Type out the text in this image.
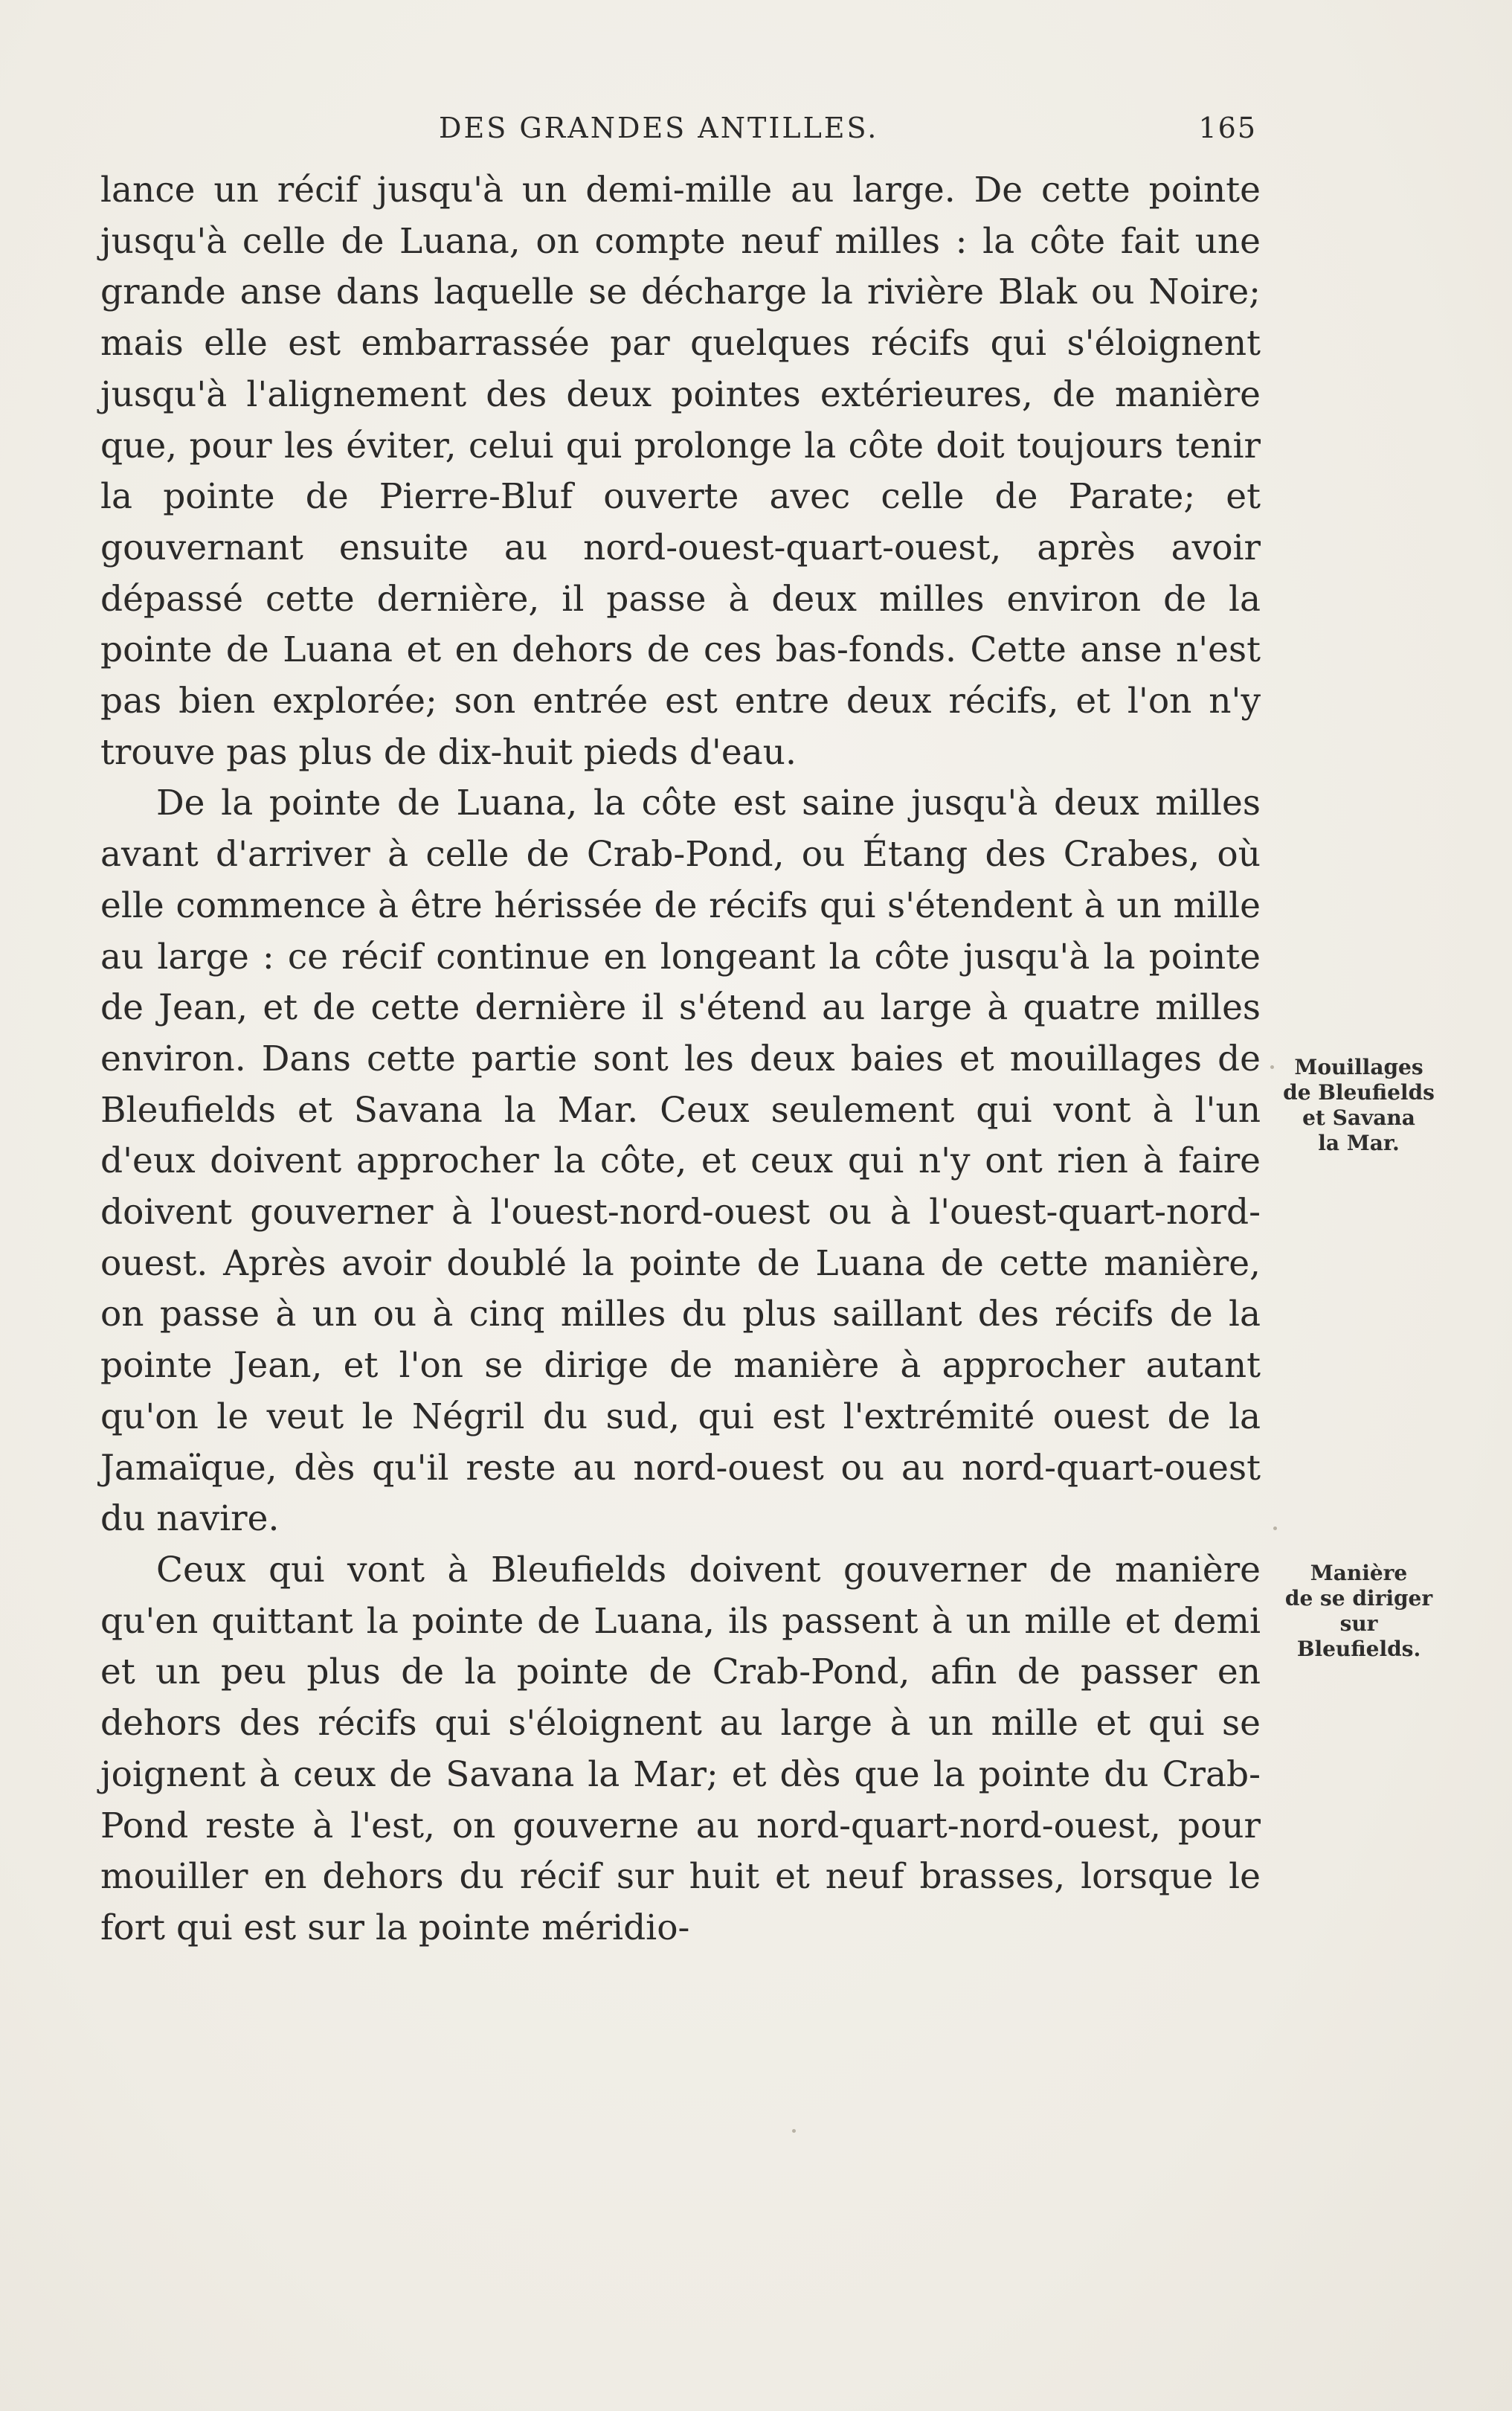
DES GRANDES ANTILLES.	165

lance un récif jusqu'à un demi-mille au large. De cette pointe jusqu'à celle de Luana, on compte neuf milles : la côte fait une grande anse dans laquelle se décharge la rivière Blak ou Noire; mais elle est embarrassée par quelques récifs qui s'éloignent jusqu'à l'alignement des deux pointes extérieures, de manière que, pour les éviter, celui qui prolonge la côte doit toujours tenir la pointe de Pierre-Bluf ouverte avec celle de Parate; et gouvernant ensuite au nord-ouest-quart-ouest, après avoir dépassé cette dernière, il passe à deux milles environ de la pointe de Luana et en dehors de ces bas-fonds. Cette anse n'est pas bien explorée; son entrée est entre deux récifs, et l'on n'y trouve pas plus de dix-huit pieds d'eau.

De la pointe de Luana, la côte est saine jusqu'à deux milles avant d'arriver à celle de Crab-Pond, ou Étang des Crabes, où elle commence à être hérissée de récifs qui s'étendent à un mille au large : ce récif continue en longeant la côte jusqu'à la pointe de Jean, et de cette dernière il s'étend au large à quatre milles environ. Dans cette partie sont les deux baies et mouillages de Bleufields et Savana la Mar. Ceux seulement qui vont à l'un d'eux doivent approcher la côte, et ceux qui n'y ont rien à faire doivent gouverner à l'ouest-nord-ouest ou à l'ouest-quart-nord-ouest. Après avoir doublé la pointe de Luana de cette manière, on passe à un ou à cinq milles du plus saillant des récifs de la pointe Jean, et l'on se dirige de manière à approcher autant qu'on le veut le Négril du sud, qui est l'extrémité ouest de la Jamaïque, dès qu'il reste au nord-ouest ou au nord-quart-ouest du navire.

Ceux qui vont à Bleufields doivent gouverner de manière qu'en quittant la pointe de Luana, ils passent à un mille et demi et un peu plus de la pointe de Crab-Pond, afin de passer en dehors des récifs qui s'éloignent au large à un mille et qui se joignent à ceux de Savana la Mar; et dès que la pointe du Crab-Pond reste à l'est, on gouverne au nord-quart-nord-ouest, pour mouiller en dehors du récif sur huit et neuf brasses, lorsque le fort qui est sur la pointe méridio-

Mouillages
de Bleufields
et Savana
la Mar.
Manière
de se diriger
sur
Bleufields.
